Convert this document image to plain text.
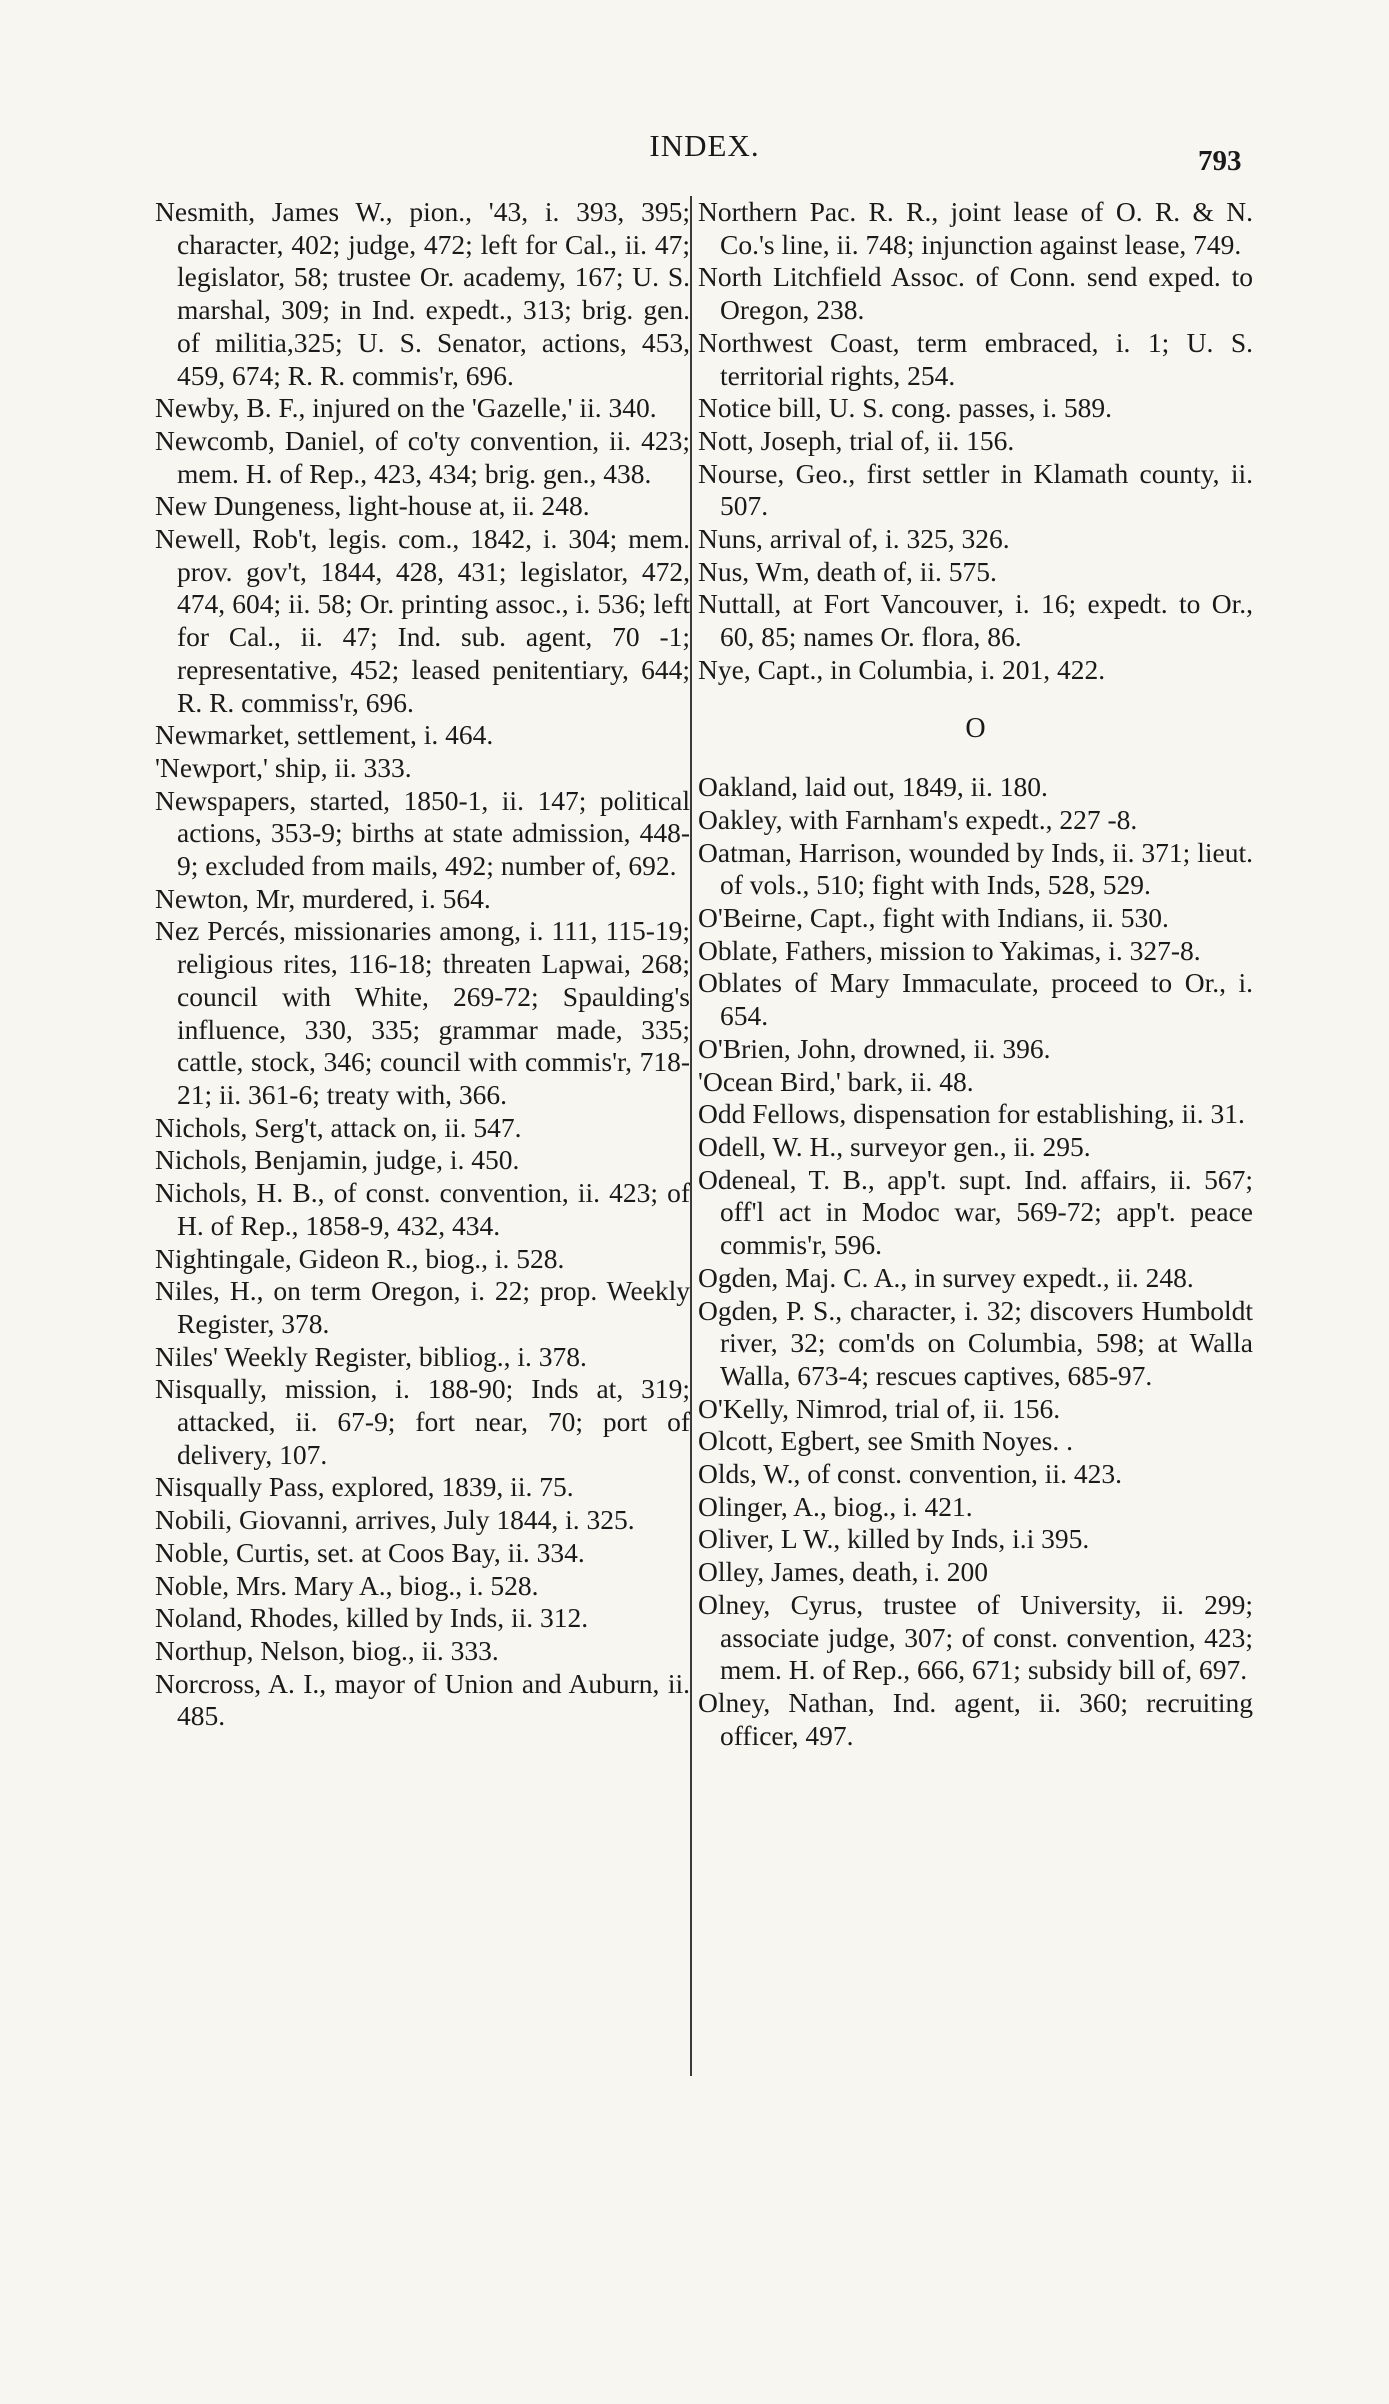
INDEX.	793

Nesmith, James W., pion., '43, i. 393, 395; character, 402; judge, 472; left for Cal., ii. 47; legislator, 58; trustee Or. academy, 167; U. S. marshal, 309; in Ind. expedt., 313; brig. gen. of militia,325; U. S. Senator, actions, 453, 459, 674; R. R. commis'r, 696.

Newby, B. F., injured on the 'Gazelle,' ii. 340.

Newcomb, Daniel, of co'ty convention, ii. 423; mem. H. of Rep., 423, 434; brig. gen., 438.

New Dungeness, light-house at, ii. 248.

Newell, Rob't, legis. com., 1842, i. 304; mem. prov. gov't, 1844, 428, 431; legislator, 472, 474, 604; ii. 58; Or. printing assoc., i. 536; left for Cal., ii. 47; Ind. sub. agent, 70 -1; representative, 452; leased penitentiary, 644; R. R. commiss'r, 696.

Newmarket, settlement, i. 464.

'Newport,' ship, ii. 333.

Newspapers, started, 1850-1, ii. 147; political actions, 353-9; births at state admission, 448-9; excluded from mails, 492; number of, 692.

Newton, Mr, murdered, i. 564.

Nez Percés, missionaries among, i. 111, 115-19; religious rites, 116-18; threaten Lapwai, 268; council with White, 269-72; Spaulding's influence, 330, 335; grammar made, 335; cattle, stock, 346; council with commis'r, 718-21; ii. 361-6; treaty with, 366.

Nichols, Serg't, attack on, ii. 547.

Nichols, Benjamin, judge, i. 450.

Nichols, H. B., of const. convention, ii. 423; of H. of Rep., 1858-9, 432, 434.

Nightingale, Gideon R., biog., i. 528.

Niles, H., on term Oregon, i. 22; prop. Weekly Register, 378.

Niles' Weekly Register, bibliog., i. 378.

Nisqually, mission, i. 188-90; Inds at, 319; attacked, ii. 67-9; fort near, 70; port of delivery, 107.

Nisqually Pass, explored, 1839, ii. 75.

Nobili, Giovanni, arrives, July 1844, i. 325.

Noble, Curtis, set. at Coos Bay, ii. 334.

Noble, Mrs. Mary A., biog., i. 528.

Noland, Rhodes, killed by Inds, ii. 312.

Northup, Nelson, biog., ii. 333.

Norcross, A. I., mayor of Union and Auburn, ii. 485.

Northern Pac. R. R., joint lease of O. R. & N. Co.'s line, ii. 748; injunction against lease, 749.

North Litchfield Assoc. of Conn. send exped. to Oregon, 238.

Northwest Coast, term embraced, i. 1; U. S. territorial rights, 254.

Notice bill, U. S. cong. passes, i. 589.

Nott, Joseph, trial of, ii. 156.

Nourse, Geo., first settler in Klamath county, ii. 507.

Nuns, arrival of, i. 325, 326.

Nus, Wm, death of, ii. 575.

Nuttall, at Fort Vancouver, i. 16; expedt. to Or., 60, 85; names Or. flora, 86.

Nye, Capt., in Columbia, i. 201, 422.

O

Oakland, laid out, 1849, ii. 180.

Oakley, with Farnham's expedt., 227 -8.

Oatman, Harrison, wounded by Inds, ii. 371; lieut. of vols., 510; fight with Inds, 528, 529.

O'Beirne, Capt., fight with Indians, ii. 530.

Oblate, Fathers, mission to Yakimas, i. 327-8.

Oblates of Mary Immaculate, proceed to Or., i. 654.

O'Brien, John, drowned, ii. 396.

'Ocean Bird,' bark, ii. 48.

Odd Fellows, dispensation for establishing, ii. 31.

Odell, W. H., surveyor gen., ii. 295.

Odeneal, T. B., app't. supt. Ind. affairs, ii. 567; off'l act in Modoc war, 569-72; app't. peace commis'r, 596.

Ogden, Maj. C. A., in survey expedt., ii. 248.

Ogden, P. S., character, i. 32; discovers Humboldt river, 32; com'ds on Columbia, 598; at Walla Walla, 673-4; rescues captives, 685-97.

O'Kelly, Nimrod, trial of, ii. 156.

Olcott, Egbert, see Smith Noyes. .

Olds, W., of const. convention, ii. 423.

Olinger, A., biog., i. 421.

Oliver, L W., killed by Inds, i.i 395.

Olley, James, death, i. 200

Olney, Cyrus, trustee of University, ii. 299; associate judge, 307; of const. convention, 423; mem. H. of Rep., 666, 671; subsidy bill of, 697.

Olney, Nathan, Ind. agent, ii. 360; recruiting officer, 497.
